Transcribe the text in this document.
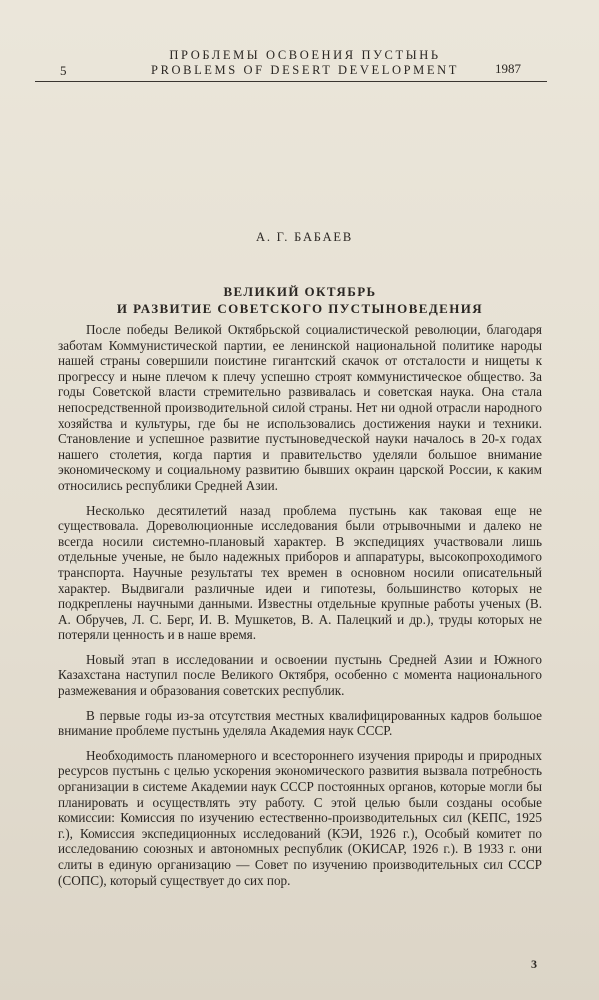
ПРОБЛЕМЫ ОСВОЕНИЯ ПУСТЫНЬ
PROBLEMS OF DESERT DEVELOPMENT
5	1987
А. Г. БАБАЕВ
ВЕЛИКИЙ ОКТЯБРЬ
И РАЗВИТИЕ СОВЕТСКОГО ПУСТЫНОВЕДЕНИЯ

После победы Великой Октябрьской социалистической революции, благодаря заботам Коммунистической партии, ее ленинской национальной политике народы нашей страны совершили поистине гигантский скачок от отсталости и нищеты к прогрессу и ныне плечом к плечу успешно строят коммунистическое общество. За годы Советской власти стремительно развивалась и советская наука. Она стала непосредственной производительной силой страны. Нет ни одной отрасли народного хозяйства и культуры, где бы не использовались достижения науки и техники. Становление и успешное развитие пустыноведческой науки началось в 20-х годах нашего столетия, когда партия и правительство уделяли большое внимание экономическому и социальному развитию бывших окраин царской России, к каким относились республики Средней Азии.

Несколько десятилетий назад проблема пустынь как таковая еще не существовала. Дореволюционные исследования были отрывочными и далеко не всегда носили системно-плановый характер. В экспедициях участвовали лишь отдельные ученые, не было надежных приборов и аппаратуры, высокопроходимого транспорта. Научные результаты тех времен в основном носили описательный характер. Выдвигали различные идеи и гипотезы, большинство которых не подкреплены научными данными. Известны отдельные крупные работы ученых (В. А. Обручев, Л. С. Берг, И. В. Мушкетов, В. А. Палецкий и др.), труды которых не потеряли ценность и в наше время.

Новый этап в исследовании и освоении пустынь Средней Азии и Южного Казахстана наступил после Великого Октября, особенно с момента национального размежевания и образования советских республик.

В первые годы из-за отсутствия местных квалифицированных кадров большое внимание проблеме пустынь уделяла Академия наук СССР.

Необходимость планомерного и всестороннего изучения природы и природных ресурсов пустынь с целью ускорения экономического развития вызвала потребность организации в системе Академии наук СССР постоянных органов, которые могли бы планировать и осуществлять эту работу. С этой целью были созданы особые комиссии: Комиссия по изучению естественно-производительных сил (КЕПС, 1925 г.), Комиссия экспедиционных исследований (КЭИ, 1926 г.), Особый комитет по исследованию союзных и автономных республик (ОКИСАР, 1926 г.). В 1933 г. они слиты в единую организацию — Совет по изучению производительных сил СССР (СОПС), который существует до сих пор.

3
